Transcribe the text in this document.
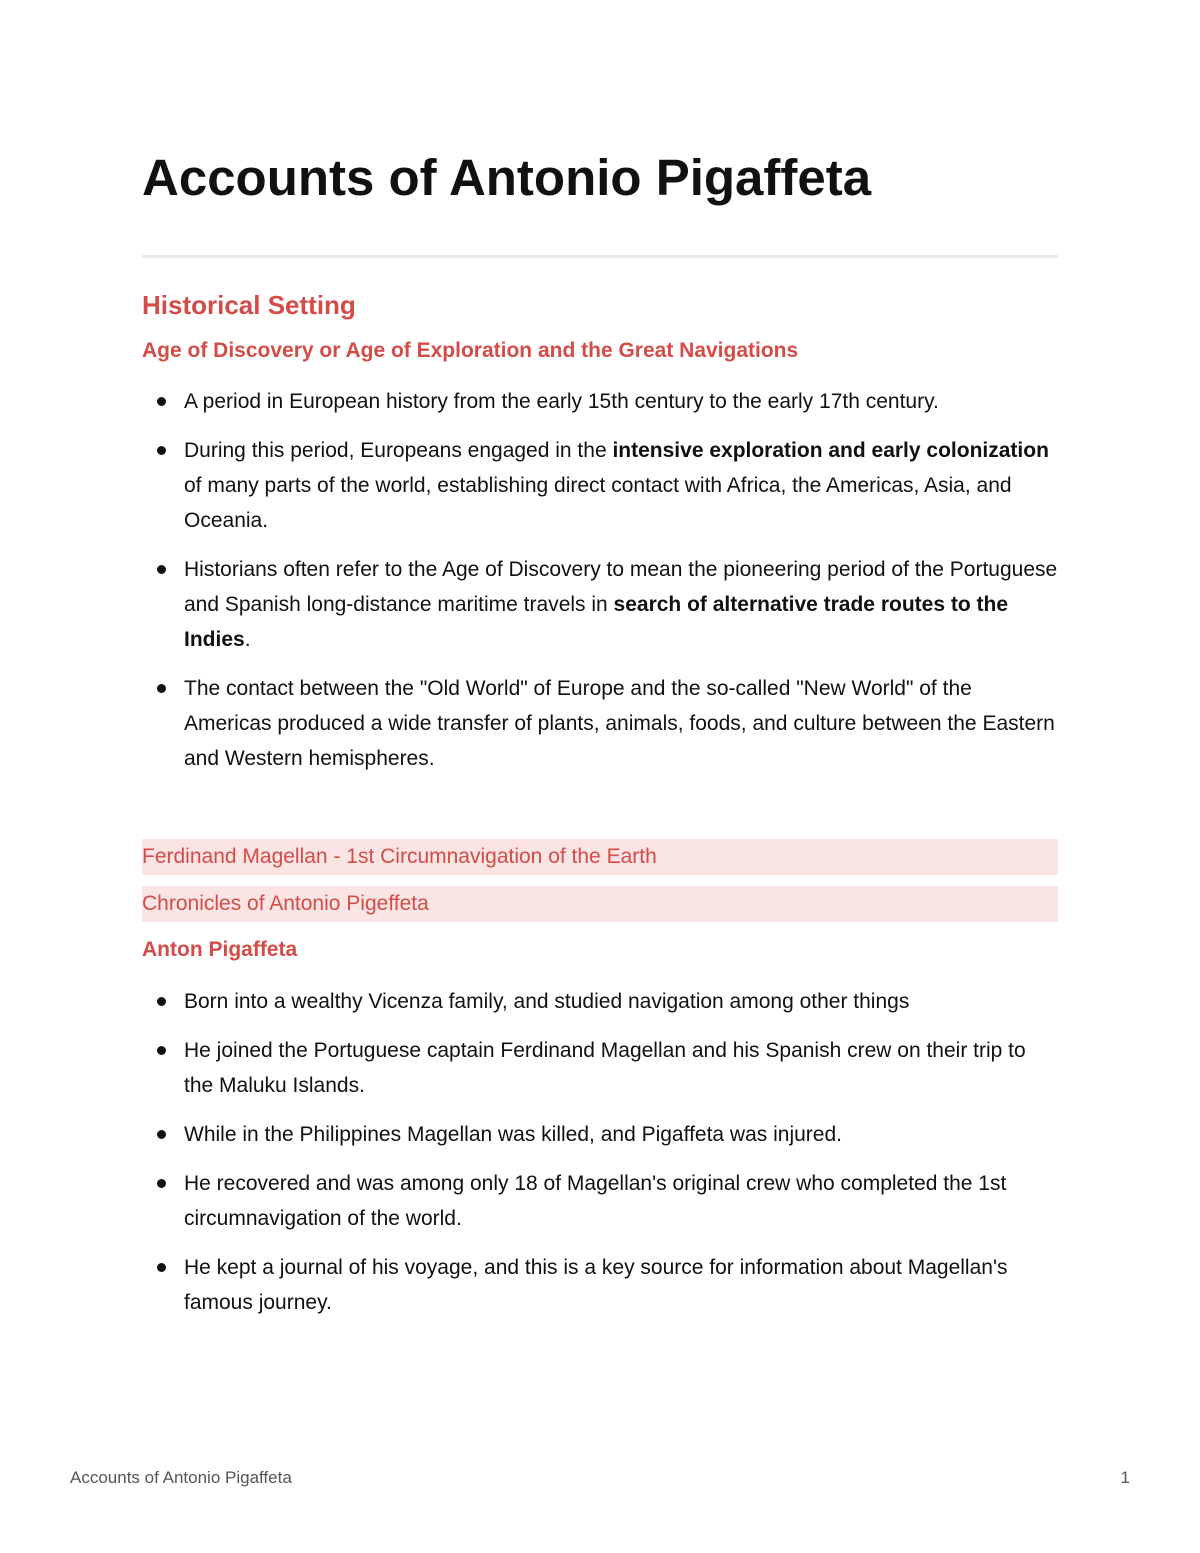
Accounts of Antonio Pigaffeta
Historical Setting
Age of Discovery or Age of Exploration and the Great Navigations
A period in European history from the early 15th century to the early 17th century.
During this period, Europeans engaged in the intensive exploration and early colonization of many parts of the world, establishing direct contact with Africa, the Americas, Asia, and Oceania.
Historians often refer to the Age of Discovery to mean the pioneering period of the Portuguese and Spanish long-distance maritime travels in search of alternative trade routes to the Indies.
The contact between the "Old World" of Europe and the so-called "New World" of the Americas produced a wide transfer of plants, animals, foods, and culture between the Eastern and Western hemispheres.
Ferdinand Magellan - 1st Circumnavigation of the Earth
Chronicles of Antonio Pigeffeta
Anton Pigaffeta
Born into a wealthy Vicenza family, and studied navigation among other things
He joined the Portuguese captain Ferdinand Magellan and his Spanish crew on their trip to the Maluku Islands.
While in the Philippines Magellan was killed, and Pigaffeta was injured.
He recovered and was among only 18 of Magellan's original crew who completed the 1st circumnavigation of the world.
He kept a journal of his voyage, and this is a key source for information about Magellan's famous journey.
Accounts of Antonio Pigaffeta	1
